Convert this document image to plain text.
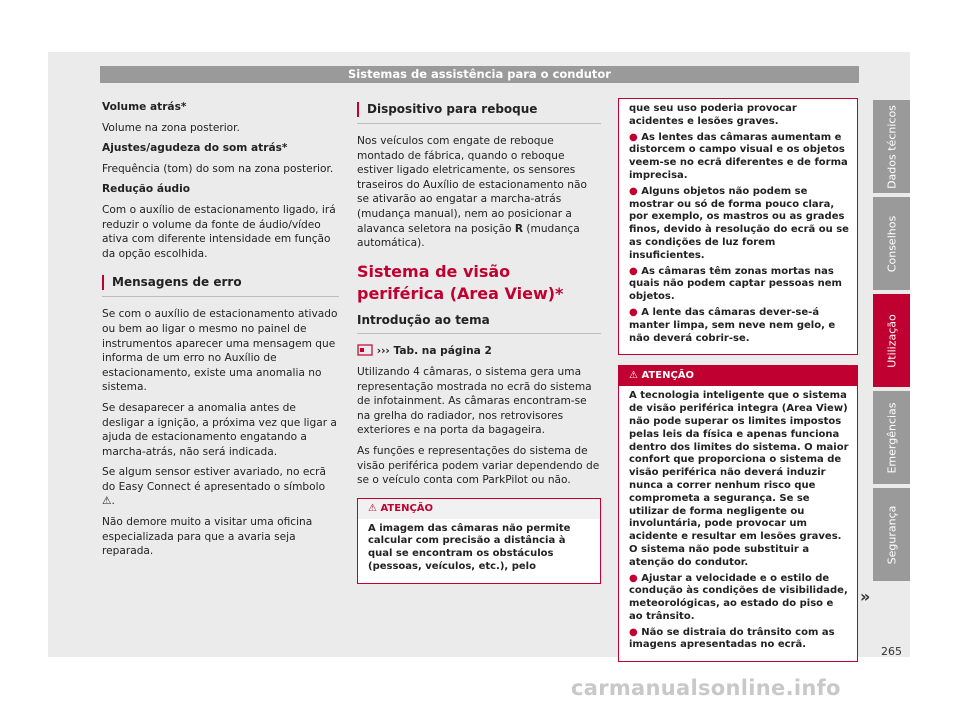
Sistemas de assistência para o condutor

Volume atrás*

Volume na zona posterior.

Ajustes/agudeza do som atrás*

Frequência (tom) do som na zona posterior.

Redução áudio

Com o auxílio de estacionamento ligado, irá reduzir o volume da fonte de áudio/vídeo ativa com diferente intensidade em função da opção escolhida.

Mensagens de erro

Se com o auxílio de estacionamento ativado ou bem ao ligar o mesmo no painel de instrumentos aparecer uma mensagem que informa de um erro no Auxílio de estacionamento, existe uma anomalia no sistema.

Se desaparecer a anomalia antes de desligar a ignição, a próxima vez que ligar a ajuda de estacionamento engatando a marcha-atrás, não será indicada.

Se algum sensor estiver avariado, no ecrã do Easy Connect é apresentado o símbolo ⚠.

Não demore muito a visitar uma oficina especializada para que a avaria seja reparada.

Dispositivo para reboque

Nos veículos com engate de reboque montado de fábrica, quando o reboque estiver ligado eletricamente, os sensores traseiros do Auxílio de estacionamento não se ativarão ao engatar a marcha-atrás (mudança manual), nem ao posicionar a alavanca seletora na posição R (mudança automática).

Sistema de visão periférica (Area View)*
Introdução ao tema

››› Tab. na página 2

Utilizando 4 câmaras, o sistema gera uma representação mostrada no ecrã do sistema de infotainment. As câmaras encontram-se na grelha do radiador, nos retrovisores exteriores e na porta da bagageira.

As funções e representações do sistema de visão periférica podem variar dependendo de se o veículo conta com ParkPilot ou não.

⚠ ATENÇÃO

A imagem das câmaras não permite calcular com precisão a distância à qual se encontram os obstáculos (pessoas, veículos, etc.), pelo

que seu uso poderia provocar acidentes e lesões graves.

● As lentes das câmaras aumentam e distorcem o campo visual e os objetos veem-se no ecrã diferentes e de forma imprecisa.

● Alguns objetos não podem se mostrar ou só de forma pouco clara, por exemplo, os mastros ou as grades finos, devido à resolução do ecrã ou se as condições de luz forem insuficientes.

● As câmaras têm zonas mortas nas quais não podem captar pessoas nem objetos.

● A lente das câmaras dever-se-á manter limpa, sem neve nem gelo, e não deverá cobrir-se.

⚠ ATENÇÃO

A tecnologia inteligente que o sistema de visão periférica integra (Area View) não pode superar os limites impostos pelas leis da física e apenas funciona dentro dos limites do sistema. O maior confort que proporciona o sistema de visão periférica não deverá induzir nunca a correr nenhum risco que comprometa a segurança. Se se utilizar de forma negligente ou involuntária, pode provocar um acidente e resultar em lesões graves. O sistema não pode substituir a atenção do condutor.

● Ajustar a velocidade e o estilo de condução às condições de visibilidade, meteorológicas, ao estado do piso e ao trânsito.

● Não se distraia do trânsito com as imagens apresentadas no ecrã.

»
Dados técnicos
Conselhos
Utilização
Emergências
Segurança
265
carmanualsonline.info
